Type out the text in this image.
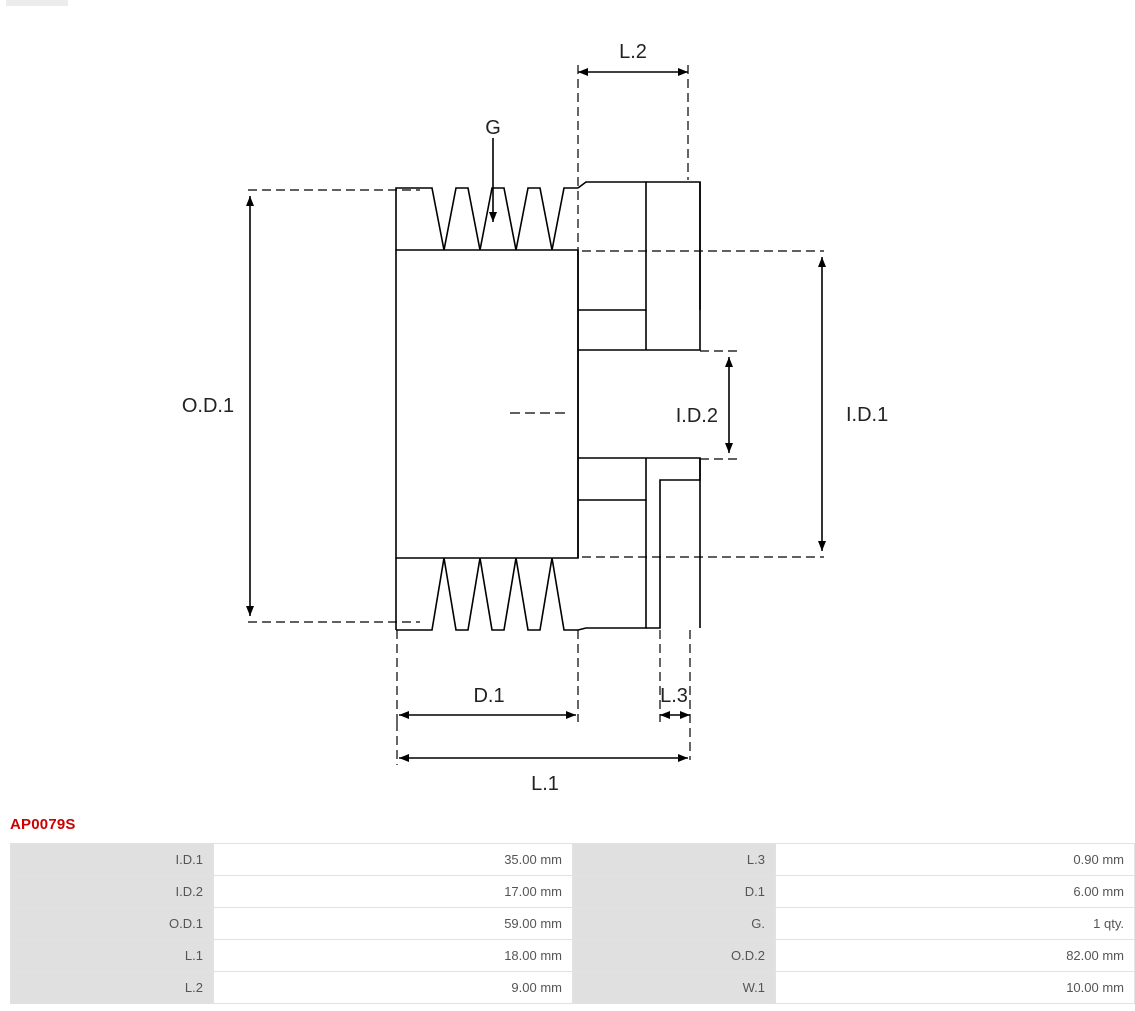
O.D.1	I.D.1
I.D.2
L.2
G
D.1	L.3
L.1
AP0079S
I.D.1	35.00 mm	L.3	0.90 mm
I.D.2	17.00 mm	D.1	6.00 mm
O.D.1	59.00 mm	G.	1 qty.
L.1	18.00 mm	O.D.2	82.00 mm
L.2	9.00 mm	W.1	10.00 mm
